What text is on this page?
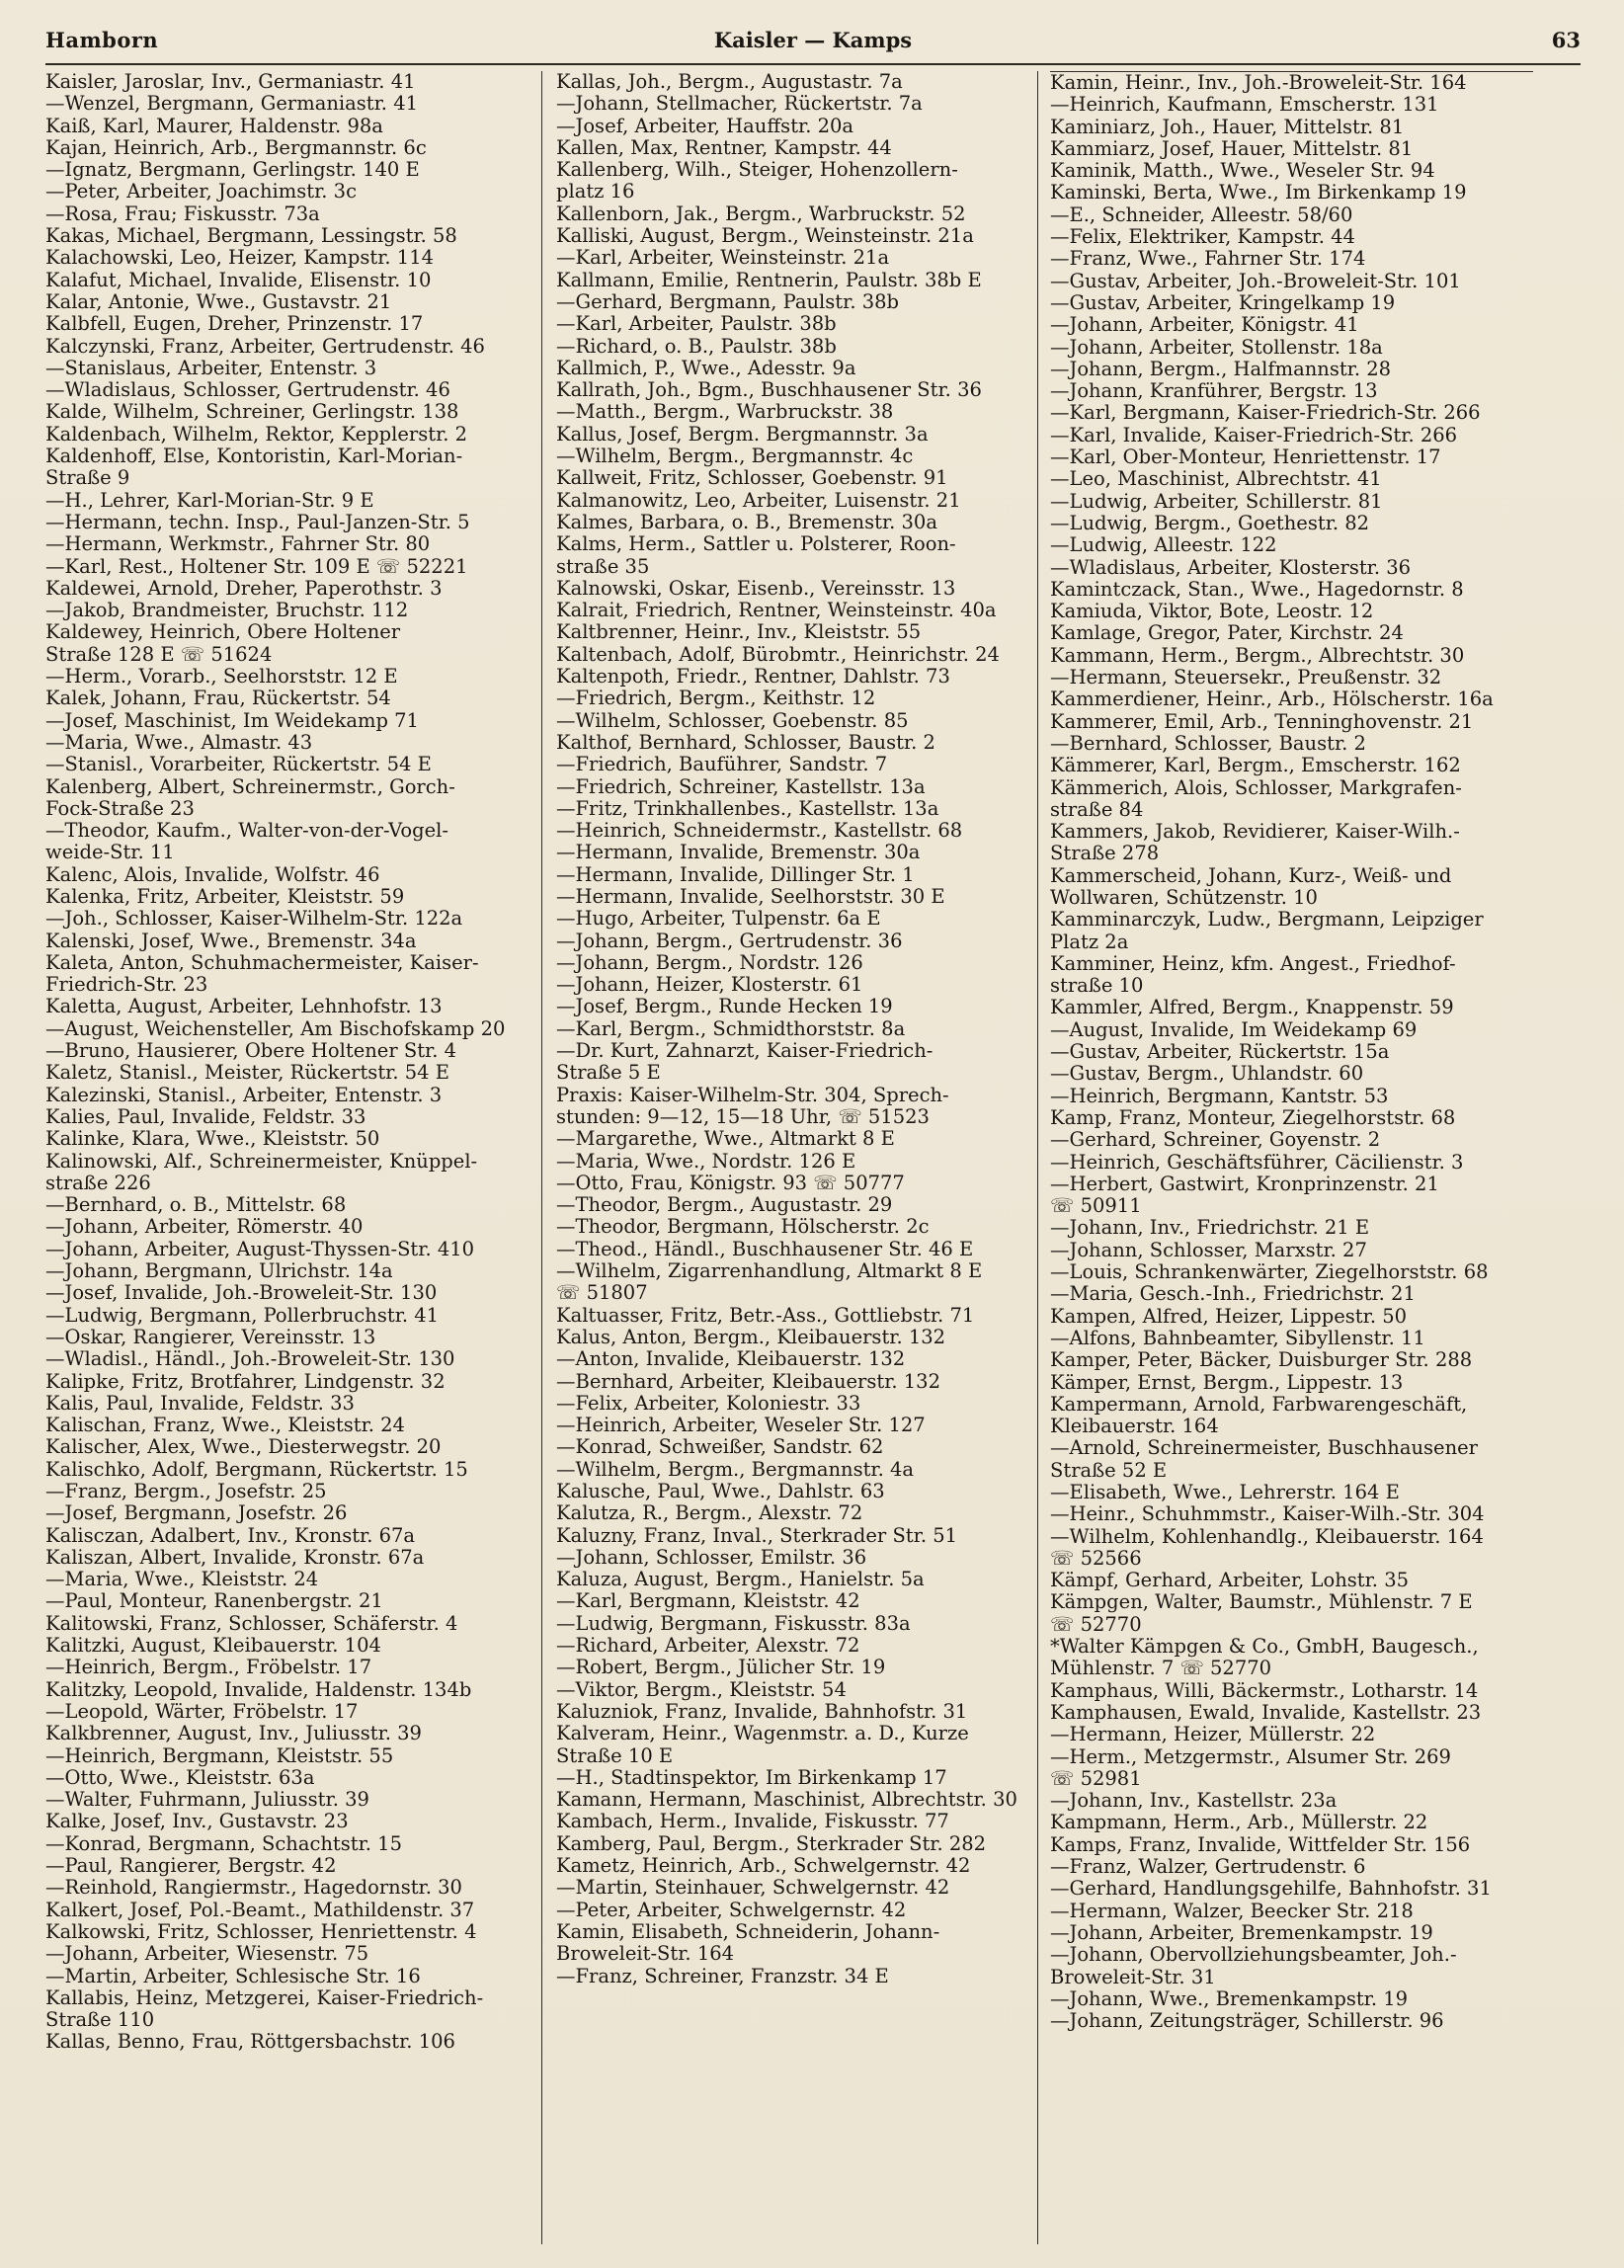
Hamborn	Kaisler — Kamps	63
Kaisler, Jaroslar, Inv., Germaniastr. 41
—Wenzel, Bergmann, Germaniastr. 41
Kaiß, Karl, Maurer, Haldenstr. 98a
Kajan, Heinrich, Arb., Bergmannstr. 6c
—Ignatz, Bergmann, Gerlingstr. 140 E
—Peter, Arbeiter, Joachimstr. 3c
—Rosa, Frau; Fiskusstr. 73a
Kakas, Michael, Bergmann, Lessingstr. 58
Kalachowski, Leo, Heizer, Kampstr. 114
Kalafut, Michael, Invalide, Elisenstr. 10
Kalar, Antonie, Wwe., Gustavstr. 21
Kalbfell, Eugen, Dreher, Prinzenstr. 17
Kalczynski, Franz, Arbeiter, Gertrudenstr. 46
—Stanislaus, Arbeiter, Entenstr. 3
—Wladislaus, Schlosser, Gertrudenstr. 46
Kalde, Wilhelm, Schreiner, Gerlingstr. 138
Kaldenbach, Wilhelm, Rektor, Kepplerstr. 2
Kaldenhoff, Else, Kontoristin, Karl-Morian-
Straße 9
—H., Lehrer, Karl-Morian-Str. 9 E
—Hermann, techn. Insp., Paul-Janzen-Str. 5
—Hermann, Werkmstr., Fahrner Str. 80
—Karl, Rest., Holtener Str. 109 E ☏ 52221
Kaldewei, Arnold, Dreher, Paperothstr. 3
—Jakob, Brandmeister, Bruchstr. 112
Kaldewey, Heinrich, Obere Holtener
Straße 128 E ☏ 51624
—Herm., Vorarb., Seelhorststr. 12 E
Kalek, Johann, Frau, Rückertstr. 54
—Josef, Maschinist, Im Weidekamp 71
—Maria, Wwe., Almastr. 43
—Stanisl., Vorarbeiter, Rückertstr. 54 E
Kalenberg, Albert, Schreinermstr., Gorch-
Fock-Straße 23
—Theodor, Kaufm., Walter-von-der-Vogel-
weide-Str. 11
Kalenc, Alois, Invalide, Wolfstr. 46
Kalenka, Fritz, Arbeiter, Kleiststr. 59
—Joh., Schlosser, Kaiser-Wilhelm-Str. 122a
Kalenski, Josef, Wwe., Bremenstr. 34a
Kaleta, Anton, Schuhmachermeister, Kaiser-
Friedrich-Str. 23
Kaletta, August, Arbeiter, Lehnhofstr. 13
—August, Weichensteller, Am Bischofskamp 20
—Bruno, Hausierer, Obere Holtener Str. 4
Kaletz, Stanisl., Meister, Rückertstr. 54 E
Kalezinski, Stanisl., Arbeiter, Entenstr. 3
Kalies, Paul, Invalide, Feldstr. 33
Kalinke, Klara, Wwe., Kleiststr. 50
Kalinowski, Alf., Schreinermeister, Knüppel-
straße 226
—Bernhard, o. B., Mittelstr. 68
—Johann, Arbeiter, Römerstr. 40
—Johann, Arbeiter, August-Thyssen-Str. 410
—Johann, Bergmann, Ulrichstr. 14a
—Josef, Invalide, Joh.-Broweleit-Str. 130
—Ludwig, Bergmann, Pollerbruchstr. 41
—Oskar, Rangierer, Vereinsstr. 13
—Wladisl., Händl., Joh.-Broweleit-Str. 130
Kalipke, Fritz, Brotfahrer, Lindgenstr. 32
Kalis, Paul, Invalide, Feldstr. 33
Kalischan, Franz, Wwe., Kleiststr. 24
Kalischer, Alex, Wwe., Diesterwegstr. 20
Kalischko, Adolf, Bergmann, Rückertstr. 15
—Franz, Bergm., Josefstr. 25
—Josef, Bergmann, Josefstr. 26
Kalisczan, Adalbert, Inv., Kronstr. 67a
Kaliszan, Albert, Invalide, Kronstr. 67a
—Maria, Wwe., Kleiststr. 24
—Paul, Monteur, Ranenbergstr. 21
Kalitowski, Franz, Schlosser, Schäferstr. 4
Kalitzki, August, Kleibauerstr. 104
—Heinrich, Bergm., Fröbelstr. 17
Kalitzky, Leopold, Invalide, Haldenstr. 134b
—Leopold, Wärter, Fröbelstr. 17
Kalkbrenner, August, Inv., Juliusstr. 39
—Heinrich, Bergmann, Kleiststr. 55
—Otto, Wwe., Kleiststr. 63a
—Walter, Fuhrmann, Juliusstr. 39
Kalke, Josef, Inv., Gustavstr. 23
—Konrad, Bergmann, Schachtstr. 15
—Paul, Rangierer, Bergstr. 42
—Reinhold, Rangiermstr., Hagedornstr. 30
Kalkert, Josef, Pol.-Beamt., Mathildenstr. 37
Kalkowski, Fritz, Schlosser, Henriettenstr. 4
—Johann, Arbeiter, Wiesenstr. 75
—Martin, Arbeiter, Schlesische Str. 16
Kallabis, Heinz, Metzgerei, Kaiser-Friedrich-
Straße 110
Kallas, Benno, Frau, Röttgersbachstr. 106
Kallas, Joh., Bergm., Augustastr. 7a
—Johann, Stellmacher, Rückertstr. 7a
—Josef, Arbeiter, Hauffstr. 20a
Kallen, Max, Rentner, Kampstr. 44
Kallenberg, Wilh., Steiger, Hohenzollern-
platz 16
Kallenborn, Jak., Bergm., Warbruckstr. 52
Kalliski, August, Bergm., Weinsteinstr. 21a
—Karl, Arbeiter, Weinsteinstr. 21a
Kallmann, Emilie, Rentnerin, Paulstr. 38b E
—Gerhard, Bergmann, Paulstr. 38b
—Karl, Arbeiter, Paulstr. 38b
—Richard, o. B., Paulstr. 38b
Kallmich, P., Wwe., Adesstr. 9a
Kallrath, Joh., Bgm., Buschhausener Str. 36
—Matth., Bergm., Warbruckstr. 38
Kallus, Josef, Bergm. Bergmannstr. 3a
—Wilhelm, Bergm., Bergmannstr. 4c
Kallweit, Fritz, Schlosser, Goebenstr. 91
Kalmanowitz, Leo, Arbeiter, Luisenstr. 21
Kalmes, Barbara, o. B., Bremenstr. 30a
Kalms, Herm., Sattler u. Polsterer, Roon-
straße 35
Kalnowski, Oskar, Eisenb., Vereinsstr. 13
Kalrait, Friedrich, Rentner, Weinsteinstr. 40a
Kaltbrenner, Heinr., Inv., Kleiststr. 55
Kaltenbach, Adolf, Bürobmtr., Heinrichstr. 24
Kaltenpoth, Friedr., Rentner, Dahlstr. 73
—Friedrich, Bergm., Keithstr. 12
—Wilhelm, Schlosser, Goebenstr. 85
Kalthof, Bernhard, Schlosser, Baustr. 2
—Friedrich, Bauführer, Sandstr. 7
—Friedrich, Schreiner, Kastellstr. 13a
—Fritz, Trinkhallenbes., Kastellstr. 13a
—Heinrich, Schneidermstr., Kastellstr. 68
—Hermann, Invalide, Bremenstr. 30a
—Hermann, Invalide, Dillinger Str. 1
—Hermann, Invalide, Seelhorststr. 30 E
—Hugo, Arbeiter, Tulpenstr. 6a E
—Johann, Bergm., Gertrudenstr. 36
—Johann, Bergm., Nordstr. 126
—Johann, Heizer, Klosterstr. 61
—Josef, Bergm., Runde Hecken 19
—Karl, Bergm., Schmidthorststr. 8a
—Dr. Kurt, Zahnarzt, Kaiser-Friedrich-
Straße 5 E
Praxis: Kaiser-Wilhelm-Str. 304, Sprech-
stunden: 9—12, 15—18 Uhr, ☏ 51523
—Margarethe, Wwe., Altmarkt 8 E
—Maria, Wwe., Nordstr. 126 E
—Otto, Frau, Königstr. 93 ☏ 50777
—Theodor, Bergm., Augustastr. 29
—Theodor, Bergmann, Hölscherstr. 2c
—Theod., Händl., Buschhausener Str. 46 E
—Wilhelm, Zigarrenhandlung, Altmarkt 8 E
☏ 51807
Kaltuasser, Fritz, Betr.-Ass., Gottliebstr. 71
Kalus, Anton, Bergm., Kleibauerstr. 132
—Anton, Invalide, Kleibauerstr. 132
—Bernhard, Arbeiter, Kleibauerstr. 132
—Felix, Arbeiter, Koloniestr. 33
—Heinrich, Arbeiter, Weseler Str. 127
—Konrad, Schweißer, Sandstr. 62
—Wilhelm, Bergm., Bergmannstr. 4a
Kalusche, Paul, Wwe., Dahlstr. 63
Kalutza, R., Bergm., Alexstr. 72
Kaluzny, Franz, Inval., Sterkrader Str. 51
—Johann, Schlosser, Emilstr. 36
Kaluza, August, Bergm., Hanielstr. 5a
—Karl, Bergmann, Kleiststr. 42
—Ludwig, Bergmann, Fiskusstr. 83a
—Richard, Arbeiter, Alexstr. 72
—Robert, Bergm., Jülicher Str. 19
—Viktor, Bergm., Kleiststr. 54
Kaluzniok, Franz, Invalide, Bahnhofstr. 31
Kalveram, Heinr., Wagenmstr. a. D., Kurze
Straße 10 E
—H., Stadtinspektor, Im Birkenkamp 17
Kamann, Hermann, Maschinist, Albrechtstr. 30
Kambach, Herm., Invalide, Fiskusstr. 77
Kamberg, Paul, Bergm., Sterkrader Str. 282
Kametz, Heinrich, Arb., Schwelgernstr. 42
—Martin, Steinhauer, Schwelgernstr. 42
—Peter, Arbeiter, Schwelgernstr. 42
Kamin, Elisabeth, Schneiderin, Johann-
Broweleit-Str. 164
—Franz, Schreiner, Franzstr. 34 E
Kamin, Heinr., Inv., Joh.-Broweleit-Str. 164
—Heinrich, Kaufmann, Emscherstr. 131
Kaminiarz, Joh., Hauer, Mittelstr. 81
Kammiarz, Josef, Hauer, Mittelstr. 81
Kaminik, Matth., Wwe., Weseler Str. 94
Kaminski, Berta, Wwe., Im Birkenkamp 19
—E., Schneider, Alleestr. 58/60
—Felix, Elektriker, Kampstr. 44
—Franz, Wwe., Fahrner Str. 174
—Gustav, Arbeiter, Joh.-Broweleit-Str. 101
—Gustav, Arbeiter, Kringelkamp 19
—Johann, Arbeiter, Königstr. 41
—Johann, Arbeiter, Stollenstr. 18a
—Johann, Bergm., Halfmannstr. 28
—Johann, Kranführer, Bergstr. 13
—Karl, Bergmann, Kaiser-Friedrich-Str. 266
—Karl, Invalide, Kaiser-Friedrich-Str. 266
—Karl, Ober-Monteur, Henriettenstr. 17
—Leo, Maschinist, Albrechtstr. 41
—Ludwig, Arbeiter, Schillerstr. 81
—Ludwig, Bergm., Goethestr. 82
—Ludwig, Alleestr. 122
—Wladislaus, Arbeiter, Klosterstr. 36
Kamintczack, Stan., Wwe., Hagedornstr. 8
Kamiuda, Viktor, Bote, Leostr. 12
Kamlage, Gregor, Pater, Kirchstr. 24
Kammann, Herm., Bergm., Albrechtstr. 30
—Hermann, Steuersekr., Preußenstr. 32
Kammerdiener, Heinr., Arb., Hölscherstr. 16a
Kammerer, Emil, Arb., Tenninghovenstr. 21
—Bernhard, Schlosser, Baustr. 2
Kämmerer, Karl, Bergm., Emscherstr. 162
Kämmerich, Alois, Schlosser, Markgrafen-
straße 84
Kammers, Jakob, Revidierer, Kaiser-Wilh.-
Straße 278
Kammerscheid, Johann, Kurz-, Weiß- und
Wollwaren, Schützenstr. 10
Kamminarczyk, Ludw., Bergmann, Leipziger
Platz 2a
Kamminer, Heinz, kfm. Angest., Friedhof-
straße 10
Kammler, Alfred, Bergm., Knappenstr. 59
—August, Invalide, Im Weidekamp 69
—Gustav, Arbeiter, Rückertstr. 15a
—Gustav, Bergm., Uhlandstr. 60
—Heinrich, Bergmann, Kantstr. 53
Kamp, Franz, Monteur, Ziegelhorststr. 68
—Gerhard, Schreiner, Goyenstr. 2
—Heinrich, Geschäftsführer, Cäcilienstr. 3
—Herbert, Gastwirt, Kronprinzenstr. 21
☏ 50911
—Johann, Inv., Friedrichstr. 21 E
—Johann, Schlosser, Marxstr. 27
—Louis, Schrankenwärter, Ziegelhorststr. 68
—Maria, Gesch.-Inh., Friedrichstr. 21
Kampen, Alfred, Heizer, Lippestr. 50
—Alfons, Bahnbeamter, Sibyllenstr. 11
Kamper, Peter, Bäcker, Duisburger Str. 288
Kämper, Ernst, Bergm., Lippestr. 13
Kampermann, Arnold, Farbwarengeschäft,
Kleibauerstr. 164
—Arnold, Schreinermeister, Buschhausener
Straße 52 E
—Elisabeth, Wwe., Lehrerstr. 164 E
—Heinr., Schuhmmstr., Kaiser-Wilh.-Str. 304
—Wilhelm, Kohlenhandlg., Kleibauerstr. 164
☏ 52566
Kämpf, Gerhard, Arbeiter, Lohstr. 35
Kämpgen, Walter, Baumstr., Mühlenstr. 7 E
☏ 52770
*Walter Kämpgen & Co., GmbH, Baugesch.,
Mühlenstr. 7 ☏ 52770
Kamphaus, Willi, Bäckermstr., Lotharstr. 14
Kamphausen, Ewald, Invalide, Kastellstr. 23
—Hermann, Heizer, Müllerstr. 22
—Herm., Metzgermstr., Alsumer Str. 269
☏ 52981
—Johann, Inv., Kastellstr. 23a
Kampmann, Herm., Arb., Müllerstr. 22
Kamps, Franz, Invalide, Wittfelder Str. 156
—Franz, Walzer, Gertrudenstr. 6
—Gerhard, Handlungsgehilfe, Bahnhofstr. 31
—Hermann, Walzer, Beecker Str. 218
—Johann, Arbeiter, Bremenkampstr. 19
—Johann, Obervollziehungsbeamter, Joh.-
Broweleit-Str. 31
—Johann, Wwe., Bremenkampstr. 19
—Johann, Zeitungsträger, Schillerstr. 96
